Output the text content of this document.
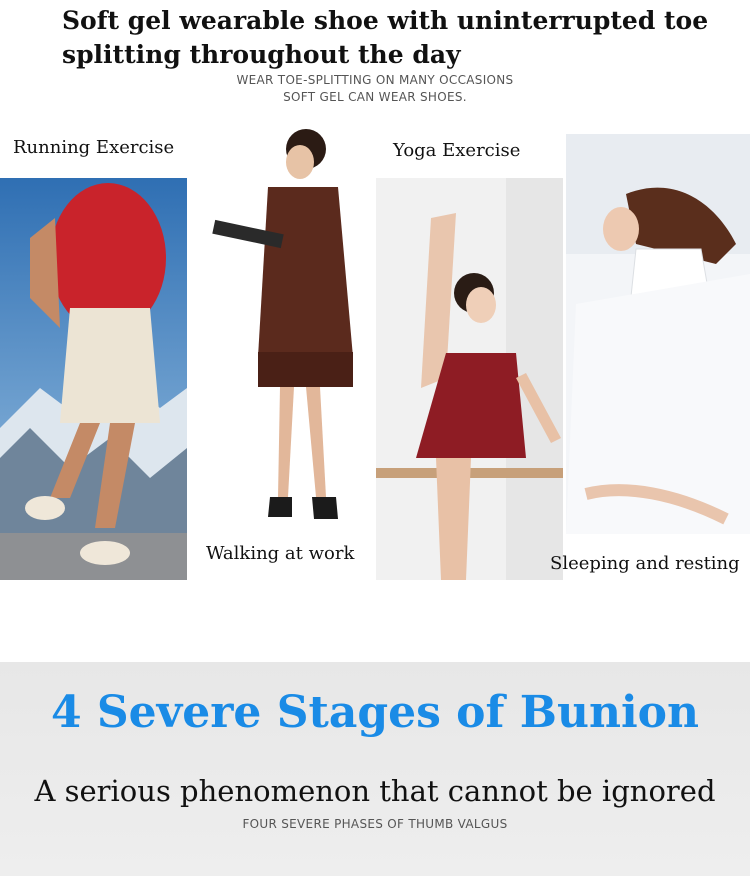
Soft gel wearable shoe with uninterrupted toe splitting throughout the day
WEAR TOE-SPLITTING ON MANY OCCASIONS
SOFT GEL CAN WEAR SHOES.
Running Exercise
Walking at work
Yoga Exercise
Sleeping and resting
4 Severe Stages of Bunion
A serious phenomenon that cannot be ignored
FOUR SEVERE PHASES OF THUMB VALGUS
